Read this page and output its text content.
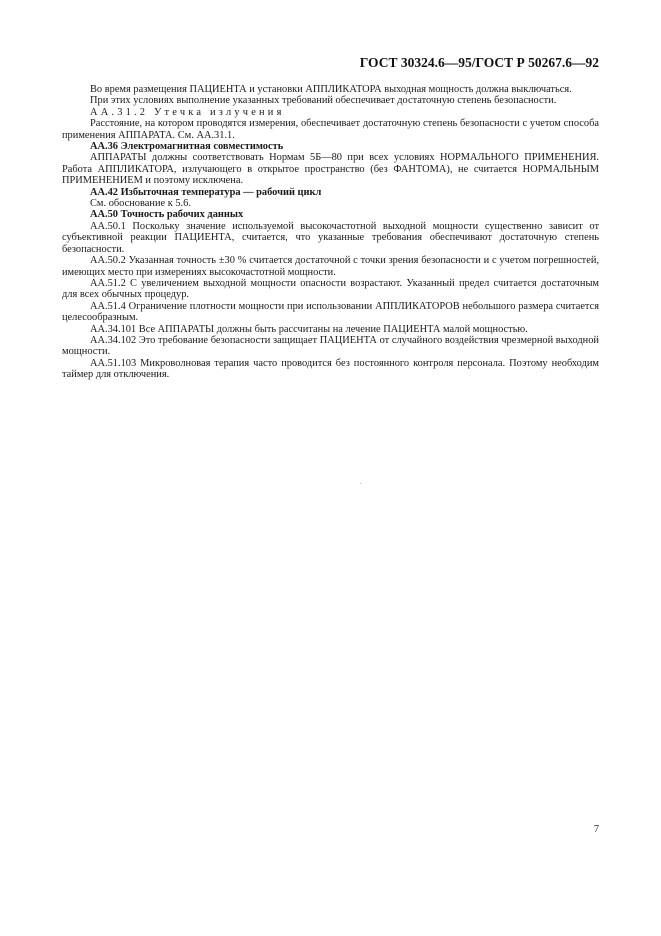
ГОСТ 30324.6—95/ГОСТ Р 50267.6—92

Во время размещения ПАЦИЕНТА и установки АППЛИКАТОРА выходная мощность должна выключаться.

При этих условиях выполнение указанных требований обеспечивает достаточную степень безопасности.

АА.31.2 Утечка излучения

Расстояние, на котором проводятся измерения, обеспечивает достаточную степень безопасности с учетом способа применения АППАРАТА. См. АА.31.1.

АА.36 Электромагнитная совместимость

АППАРАТЫ должны соответствовать Нормам 5Б—80 при всех условиях НОРМАЛЬНОГО ПРИМЕНЕНИЯ. Работа АППЛИКАТОРА, излучающего в открытое пространство (без ФАНТОМА), не считается НОРМАЛЬНЫМ ПРИМЕНЕНИЕМ и поэтому исключена.

АА.42 Избыточная температура — рабочий цикл

См. обоснование к 5.6.

АА.50 Точность рабочих данных

АА.50.1 Поскольку значение используемой высокочастотной выходной мощности существенно зависит от субъективной реакции ПАЦИЕНТА, считается, что указанные требования обеспечивают достаточную степень безопасности.

АА.50.2 Указанная точность ±30 % считается достаточной с точки зрения безопасности и с учетом погрешностей, имеющих место при измерениях высокочастотной мощности.

АА.51.2 С увеличением выходной мощности опасности возрастают. Указанный предел считается достаточным для всех обычных процедур.

АА.51.4 Ограничение плотности мощности при использовании АППЛИКАТОРОВ небольшого размера считается целесообразным.

АА.34.101 Все АППАРАТЫ должны быть рассчитаны на лечение ПАЦИЕНТА малой мощностью.

АА.34.102 Это требование безопасности защищает ПАЦИЕНТА от случайного воздействия чрезмерной выходной мощности.

АА.51.103 Микроволновая терапия часто проводится без постоянного контроля персонала. Поэтому необходим таймер для отключения.

7
